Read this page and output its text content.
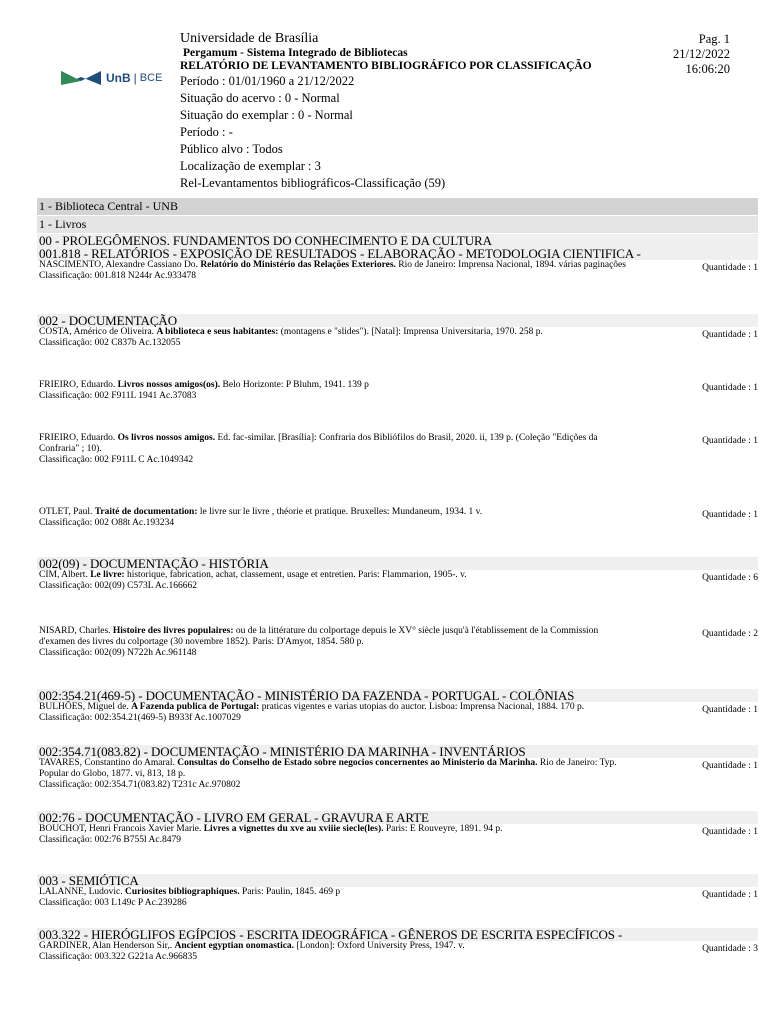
UnB | BCE
Universidade de Brasília
Pergamum - Sistema Integrado de Bibliotecas
RELATÓRIO DE LEVANTAMENTO BIBLIOGRÁFICO POR CLASSIFICAÇÃO
Período : 01/01/1960 a 21/12/2022
Situação do acervo : 0 - Normal
Situação do exemplar : 0 - Normal
Período : -
Público alvo : Todos
Localização de exemplar : 3
Rel-Levantamentos bibliográficos-Classificação (59)
Pag. 1
21/12/2022
16:06:20
1 - Biblioteca Central - UNB
1 - Livros
00 - PROLEGÔMENOS. FUNDAMENTOS DO CONHECIMENTO E DA CULTURA
001.818 - RELATÓRIOS - EXPOSIÇÃO DE RESULTADOS - ELABORAÇÃO - METODOLOGIA CIENTIFICA -
NASCIMENTO, Alexandre Cassiano Do. Relatório do Ministério das Relações Exteriores. Rio de Janeiro: Imprensa Nacional, 1894. várias paginações
Classificação: 001.818 N244r Ac.933478
Quantidade : 1
002 - DOCUMENTAÇÃO
COSTA, Américo de Oliveira. A biblioteca e seus habitantes: (montagens e "slides"). [Natal]: Imprensa Universitaria, 1970. 258 p.
Classificação: 002 C837b Ac.132055
Quantidade : 1
FRIEIRO, Eduardo. Livros nossos amigos(os). Belo Horizonte: P Bluhm, 1941. 139 p
Classificação: 002 F911L 1941 Ac.37083
Quantidade : 1
FRIEIRO, Eduardo. Os livros nossos amigos. Ed. fac-similar. [Brasília]: Confraria dos Bibliófilos do Brasil, 2020. ii, 139 p. (Coleção "Edições da Confraria" ; 10).
Classificação: 002 F911L C Ac.1049342
Quantidade : 1
OTLET, Paul. Traité de documentation: le livre sur le livre , théorie et pratique. Bruxelles: Mundaneum, 1934. 1 v.
Classificação: 002 O88t Ac.193234
Quantidade : 1
002(09) - DOCUMENTAÇÃO - HISTÓRIA
CIM, Albert. Le livre: historique, fabrication, achat, classement, usage et entretien. Paris: Flammarion, 1905-. v.
Classificação: 002(09) C573L Ac.166662
Quantidade : 6
NISARD, Charles. Histoire des livres populaires: ou de la littérature du colportage depuis le XV° siècle jusqu'à l'établissement de la Commission d'examen des livres du colportage (30 novembre 1852). Paris: D'Amyot, 1854. 580 p.
Classificação: 002(09) N722h Ac.961148
Quantidade : 2
002:354.21(469-5) - DOCUMENTAÇÃO - MINISTÉRIO DA FAZENDA - PORTUGAL - COLÔNIAS
BULHÕES, Miguel de. A Fazenda publica de Portugal: praticas vigentes e varias utopias do auctor. Lisboa: Imprensa Nacional, 1884. 170 p.
Classificação: 002:354.21(469-5) B933f Ac.1007029
Quantidade : 1
002:354.71(083.82) - DOCUMENTAÇÃO - MINISTÉRIO DA MARINHA - INVENTÁRIOS
TAVARES, Constantino do Amaral. Consultas do Conselho de Estado sobre negocios concernentes ao Ministerio da Marinha. Rio de Janeiro: Typ. Popular do Globo, 1877. vi, 813, 18 p.
Classificação: 002:354.71(083.82) T231c Ac.970802
Quantidade : 1
002:76 - DOCUMENTAÇÃO - LIVRO EM GERAL - GRAVURA E ARTE
BOUCHOT, Henri Francois Xavier Marie. Livres a vignettes du xve au xviiie siecle(les). Paris: E Rouveyre, 1891. 94 p.
Classificação: 002:76 B755l Ac.8479
Quantidade : 1
003 - SEMIÓTICA
LALANNE, Ludovic. Curiosites bibliographiques. Paris: Paulin, 1845. 469 p
Classificação: 003 L149c P Ac.239286
Quantidade : 1
003.322 - HIERÓGLIFOS EGÍPCIOS - ESCRITA IDEOGRÁFICA - GÊNEROS DE ESCRITA ESPECÍFICOS -
GARDINER, Alan Henderson Sir,. Ancient egyptian onomastica. [London]: Oxford University Press, 1947. v.
Classificação: 003.322 G221a Ac.966835
Quantidade : 3
